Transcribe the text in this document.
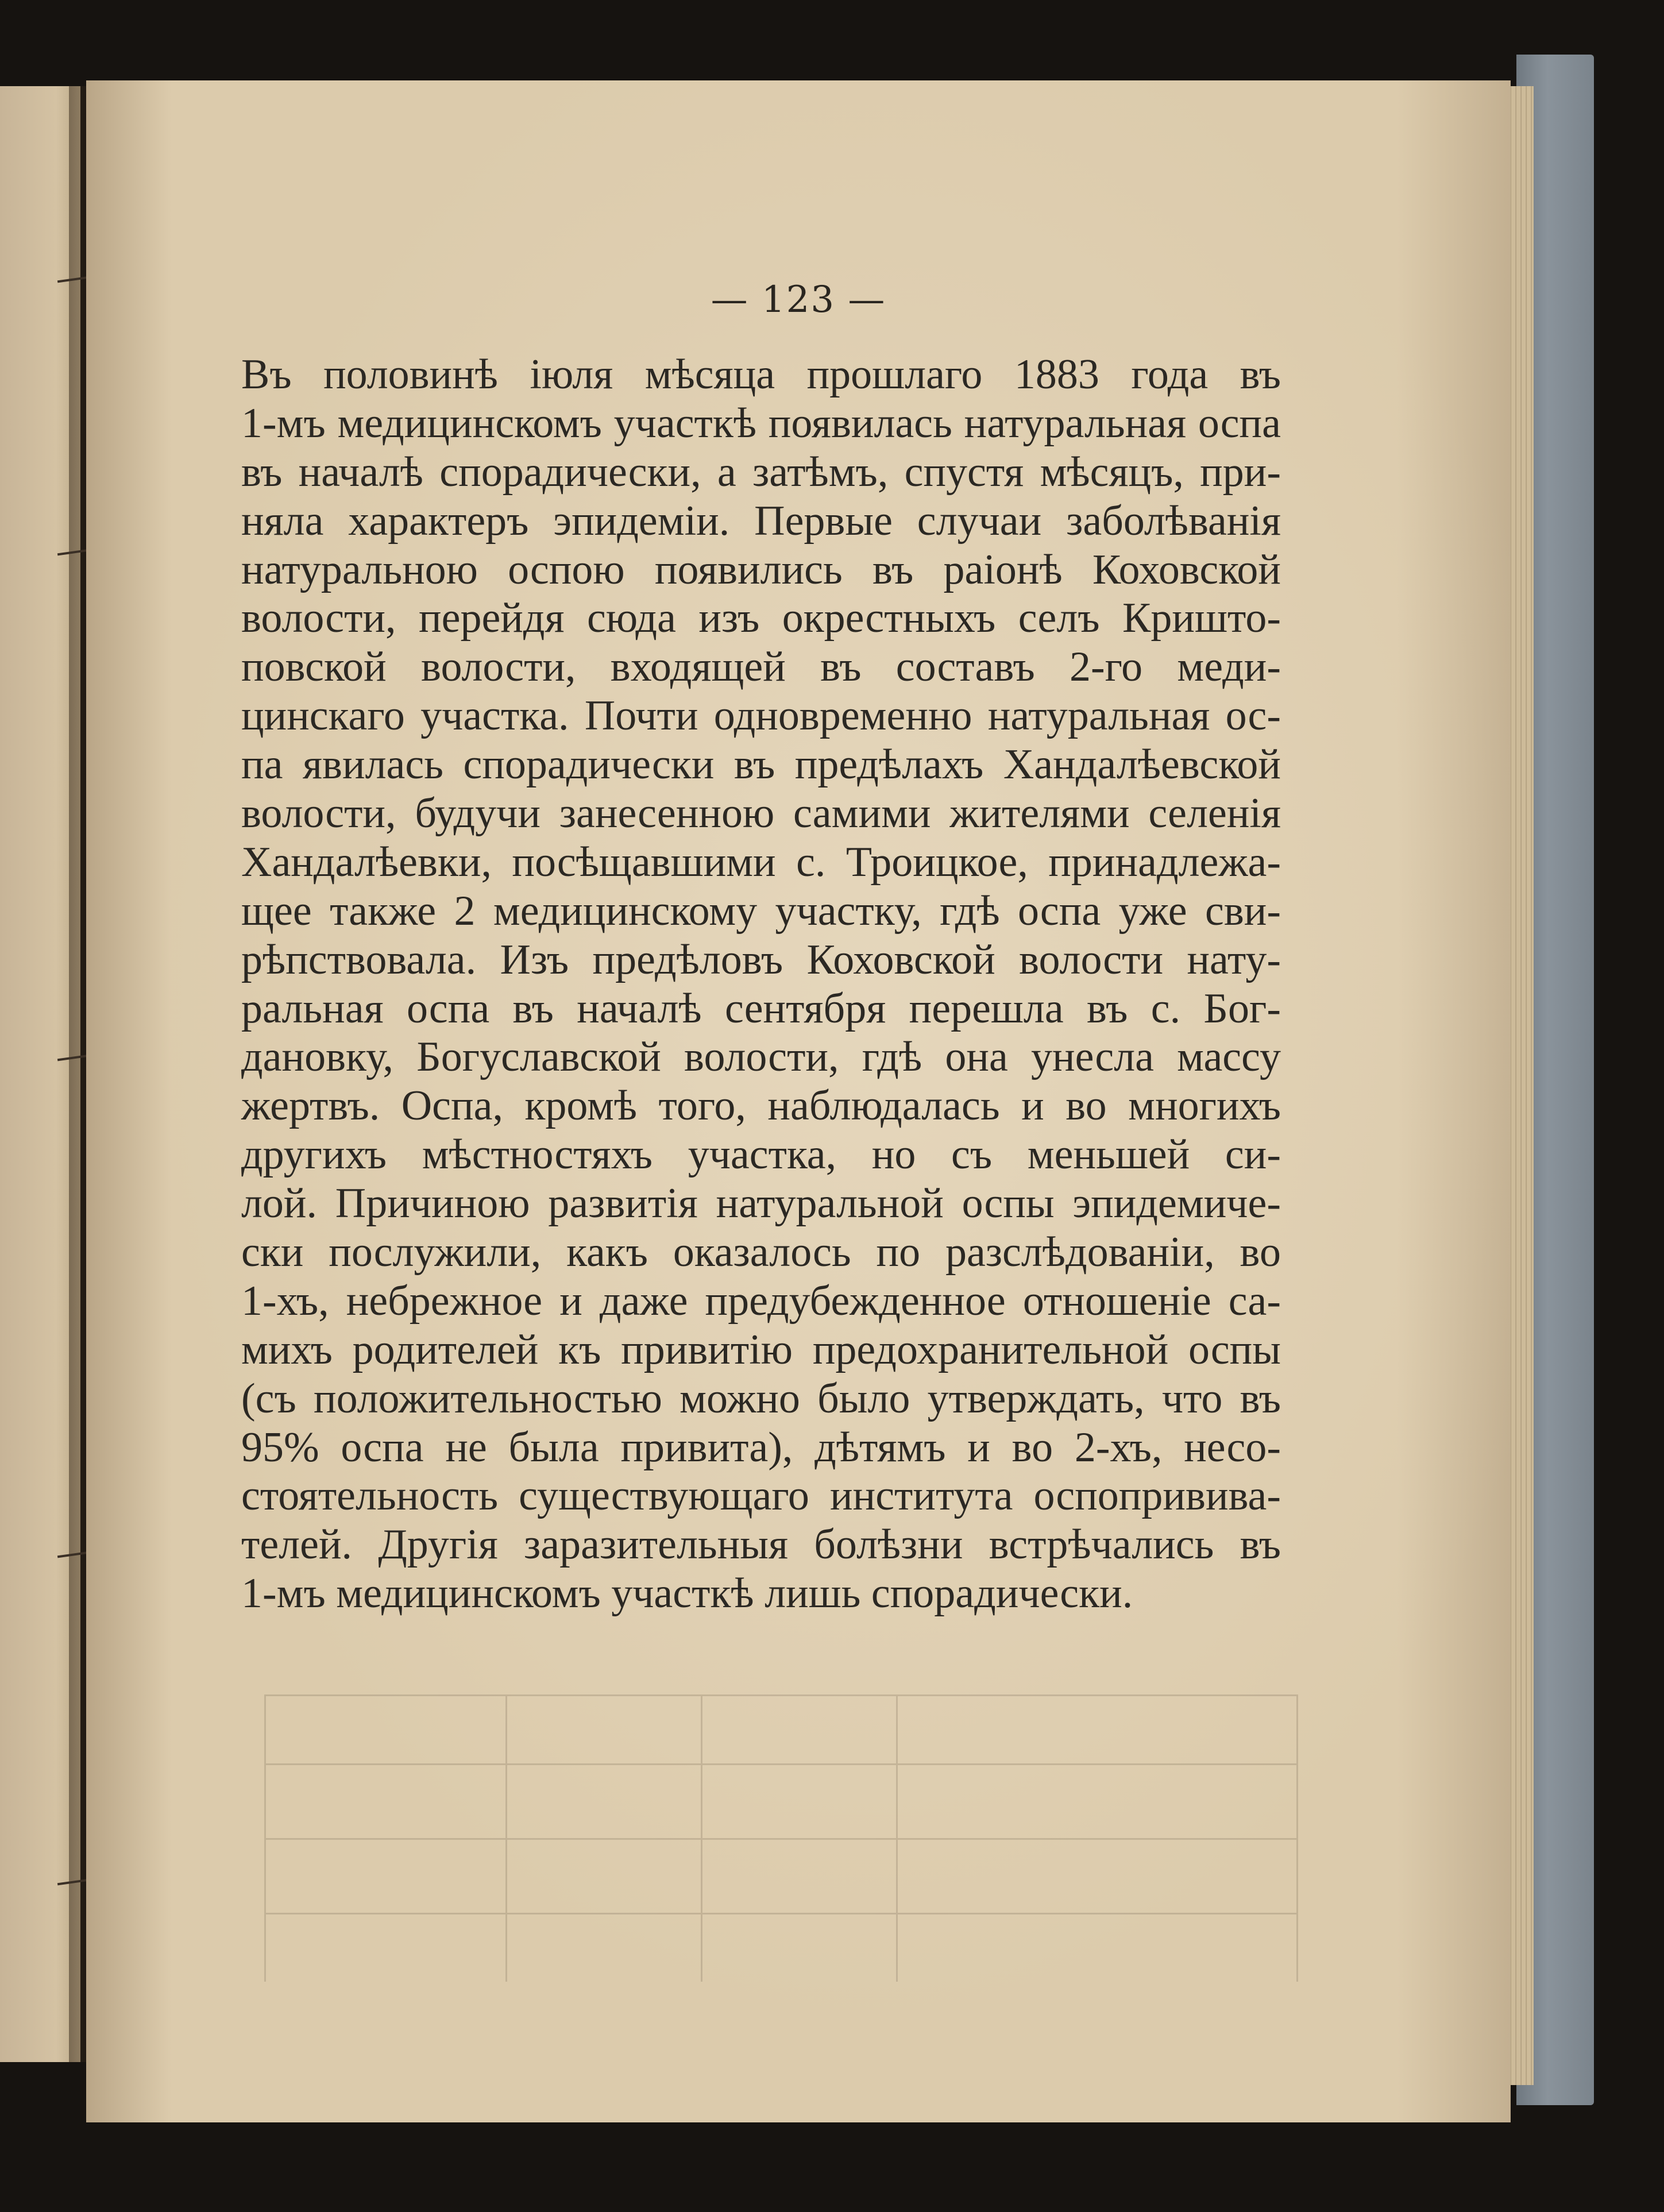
— 123 —
Въ половинѣ іюля мѣсяца прошлаго 1883 года въ
1-мъ медицинскомъ участкѣ появилась натуральная оспа
въ началѣ спорадически, а затѣмъ, спустя мѣсяцъ, при-
няла характеръ эпидеміи. Первые случаи заболѣванія
натуральною оспою появились въ раіонѣ Коховской
волости, перейдя сюда изъ окрестныхъ селъ Кришто-
повской волости, входящей въ составъ 2-го меди-
цинскаго участка. Почти одновременно натуральная ос-
па явилась спорадически въ предѣлахъ Хандалѣевской
волости, будучи занесенною самими жителями селенія
Хандалѣевки, посѣщавшими с. Троицкое, принадлежа-
щее также 2 медицинскому участку, гдѣ оспа уже сви-
рѣпствовала. Изъ предѣловъ Коховской волости нату-
ральная оспа въ началѣ сентября перешла въ с. Бог-
дановку, Богуславской волости, гдѣ она унесла массу
жертвъ. Оспа, кромѣ того, наблюдалась и во многихъ
другихъ мѣстностяхъ участка, но съ меньшей си-
лой. Причиною развитія натуральной оспы эпидемиче-
ски послужили, какъ оказалось по разслѣдованіи, во
1-хъ, небрежное и даже предубежденное отношеніе са-
михъ родителей къ привитію предохранительной оспы
(съ положительностью можно было утверждать, что въ
95% оспа не была привита), дѣтямъ и во 2-хъ, несо-
стоятельность существующаго института оспопривива-
телей. Другія заразительныя болѣзни встрѣчались въ
1-мъ медицинскомъ участкѣ лишь спорадически.
